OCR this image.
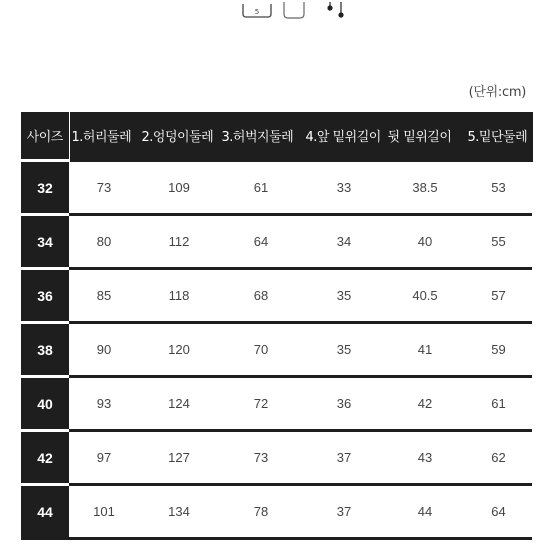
5
(단위:cm)
사이즈	1.허리둘레	2.엉덩이둘레	3.허벅지둘레	4.앞 밑위길이	뒷 밑위길이	5.밑단둘레
32	73	109	61	33	38.5	53
34	80	112	64	34	40	55
36	85	118	68	35	40.5	57
38	90	120	70	35	41	59
40	93	124	72	36	42	61
42	97	127	73	37	43	62
44	101	134	78	37	44	64
